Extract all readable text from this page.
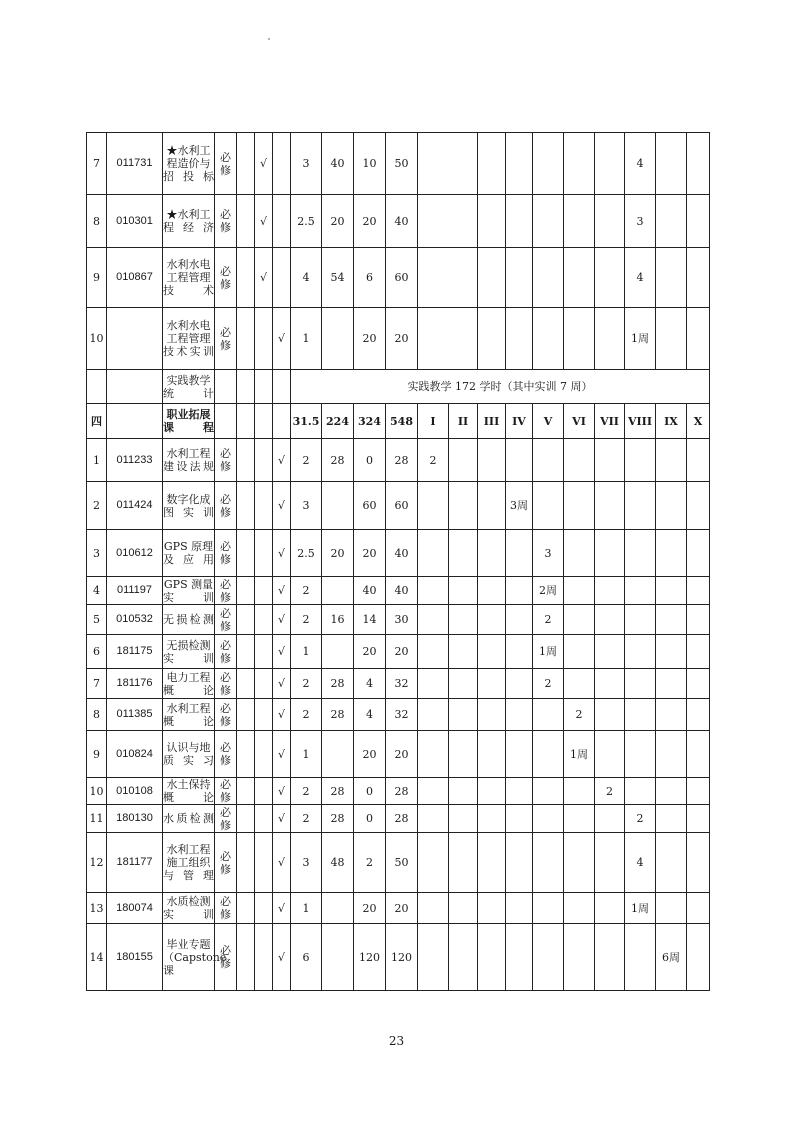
7	011731	★水利工程造价与招投标	必修		√		3	40	10	50								4		
8	010301	★水利工程经济	必修		√		2.5	20	20	40								3		
9	010867	水利水电工程管理技术	必修		√		4	54	6	60								4		
10		水利水电工程管理技术实训	必修			√	1		20	20								1周		
		实践教学统计					实践教学 172 学时（其中实训 7 周）													
四		职业拓展课程					31.5	224	324	548	I	II	III	IV	V	VI	VII	VIII	IX	X
1	011233	水利工程建设法规	必修			√	2	28	0	28	2									
2	011424	数字化成图实训	必修			√	3		60	60				3周						
3	010612	GPS 原理及应用	必修			√	2.5	20	20	40					3					
4	011197	GPS 测量实训	必修			√	2		40	40					2周					
5	010532	无损检测	必修			√	2	16	14	30					2					
6	181175	无损检测实训	必修			√	1		20	20					1周					
7	181176	电力工程概论	必修			√	2	28	4	32					2					
8	011385	水利工程概论	必修			√	2	28	4	32						2				
9	010824	认识与地质实习	必修			√	1		20	20						1周				
10	010108	水土保持概论	必修			√	2	28	0	28							2			
11	180130	水质检测	必修			√	2	28	0	28								2		
12	181177	水利工程施工组织与管理	必修			√	3	48	2	50								4		
13	180074	水质检测实训	必修			√	1		20	20								1周		
14	180155	毕业专题（Capstone 课	必修			√	6		120	120									6周	
23
